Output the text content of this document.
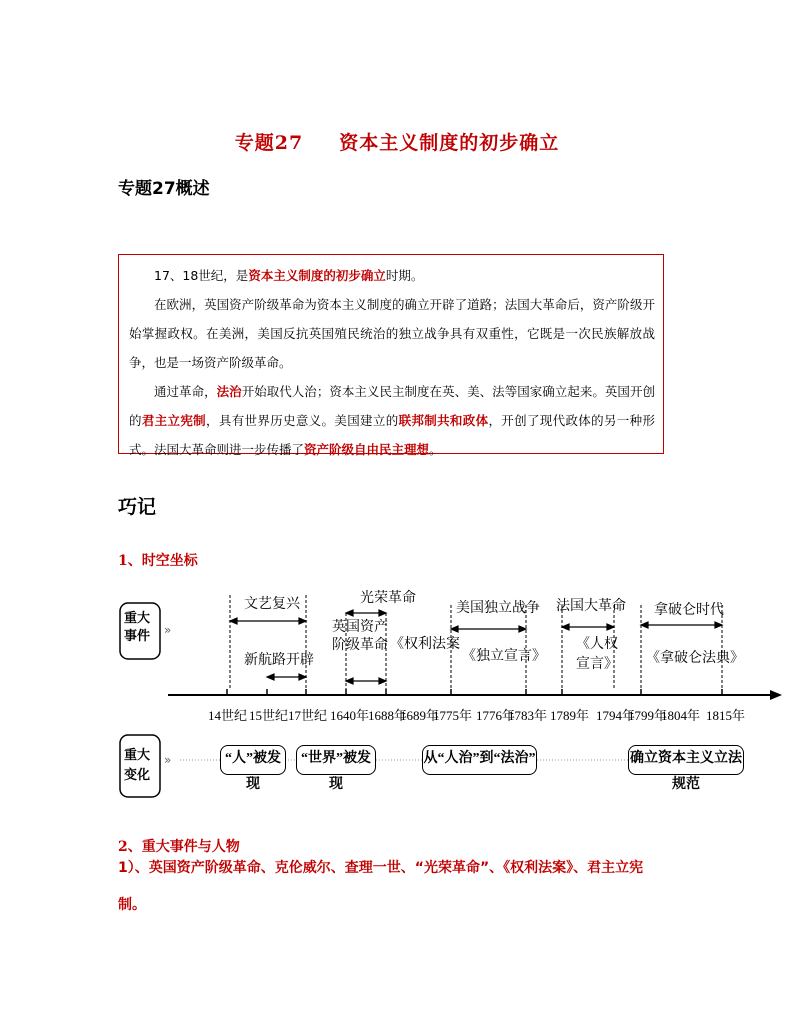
专题27 资本主义制度的初步确立
专题27概述

17、18世纪，是资本主义制度的初步确立时期。

在欧洲，英国资产阶级革命为资本主义制度的确立开辟了道路；法国大革命后，资产阶级开始掌握政权。在美洲，美国反抗英国殖民统治的独立战争具有双重性，它既是一次民族解放战争，也是一场资产阶级革命。

通过革命，法治开始取代人治；资本主义民主制度在英、美、法等国家确立起来。英国开创的君主立宪制，具有世界历史意义。美国建立的联邦制共和政体，开创了现代政体的另一种形式。法国大革命则进一步传播了资产阶级自由民主理想。

巧记
1、时空坐标
重大
事件
重大
变化
»
»
文艺复兴
新航路开辟
光荣革命
英国资产
阶级革命 《权利法案
美国独立战争
《独立宣言》
法国大革命
《人权
宣言》
拿破仑时代
《拿破仑法典》
14世纪 15世纪 17世纪 1640年
1688年
1689年
1775年 1776年
1783年 1789年 1794年
1799年
1804年 1815年
“人”被发现
“世界”被发现
从“人治”到“法治”	确立资本主义立法规范
2、重大事件与人物
1）、英国资产阶级革命、克伦威尔、查理一世、“光荣革命”、《权利法案》、君主立宪
制。
